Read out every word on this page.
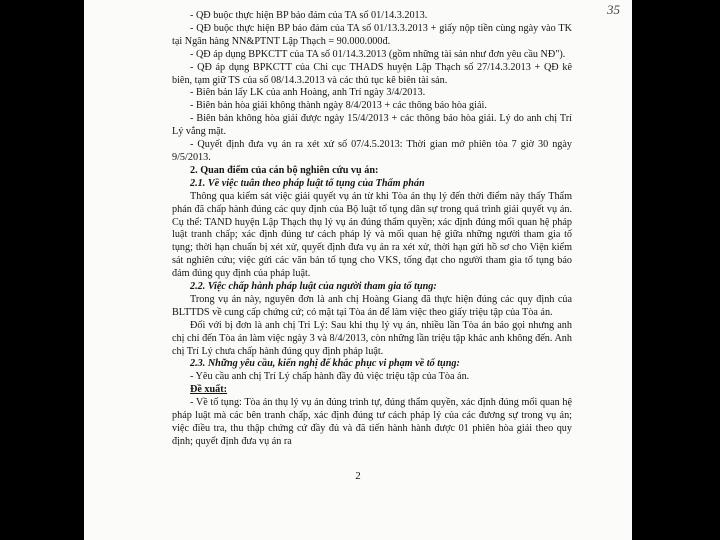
35

- QĐ buộc thực hiện BP bảo đảm của TA số 01/14.3.2013.

- QĐ buộc thực hiện BP bảo đảm của TA số 01/13.3.2013 + giấy nộp tiền cùng ngày vào TK tại Ngân hàng NN&PTNT Lập Thạch = 90.000.000đ.

- QĐ áp dụng BPKCTT của TA số 01/14.3.2013 (gồm những tài sản như đơn yêu cầu NĐ").

- QĐ áp dụng BPKCTT của Chi cục THADS huyện Lập Thạch số 27/14.3.2013 + QĐ kê biên, tạm giữ TS của số 08/14.3.2013 và các thủ tục kê biên tài sản.

- Biên bản lấy LK của anh Hoàng, anh Trí ngày 3/4/2013.

- Biên bản hòa giải không thành ngày 8/4/2013 + các thông báo hòa giải.

- Biên bản không hòa giải được ngày 15/4/2013 + các thông báo hòa giải. Lý do anh chị Trí Lý vắng mặt.

- Quyết định đưa vụ án ra xét xử số 07/4.5.2013: Thời gian mở phiên tòa 7 giờ 30 ngày 9/5/2013.

2. Quan điểm của cán bộ nghiên cứu vụ án:

2.1. Về việc tuân theo pháp luật tố tụng của Thẩm phán

Thông qua kiểm sát việc giải quyết vụ án từ khi Tòa án thụ lý đến thời điểm này thấy Thẩm phán đã chấp hành đúng các quy định của Bộ luật tố tụng dân sự trong quá trình giải quyết vụ án. Cụ thể: TAND huyện Lập Thạch thụ lý vụ án đúng thẩm quyền; xác định đúng mối quan hệ pháp luật tranh chấp; xác định đúng tư cách pháp lý và mối quan hệ giữa những người tham gia tố tụng; thời hạn chuẩn bị xét xử, quyết định đưa vụ án ra xét xử, thời hạn gửi hồ sơ cho Viện kiểm sát nghiên cứu; việc gửi các văn bản tố tụng cho VKS, tống đạt cho người tham gia tố tụng bảo đảm đúng quy định của pháp luật.

2.2. Việc chấp hành pháp luật của người tham gia tố tụng:

Trong vụ án này, nguyên đơn là anh chị Hoàng Giang đã thực hiện đúng các quy định của BLTTDS về cung cấp chứng cứ; có mặt tại Tòa án để làm việc theo giấy triệu tập của Tòa án.

Đối với bị đơn là anh chị Tri Lý: Sau khi thụ lý vụ án, nhiều lần Tòa án báo gọi nhưng anh chị chỉ đến Tòa án làm việc ngày 3 và 8/4/2013, còn những lần triệu tập khác anh không đến. Anh chị Trí Lý chưa chấp hành đúng quy định pháp luật.

2.3. Những yêu cầu, kiến nghị để khắc phục vi phạm về tố tụng:

- Yêu cầu anh chị Trí Lý chấp hành đầy đủ việc triệu tập của Tòa án.

Đề xuất:

- Về tố tụng: Tòa án thụ lý vụ án đúng trình tự, đúng thẩm quyền, xác định đúng mối quan hệ pháp luật mà các bên tranh chấp, xác định đúng tư cách pháp lý của các đương sự trong vụ án; việc điều tra, thu thập chứng cứ đầy đủ và đã tiến hành hành được 01 phiên hòa giải theo quy định; quyết định đưa vụ án ra

2
